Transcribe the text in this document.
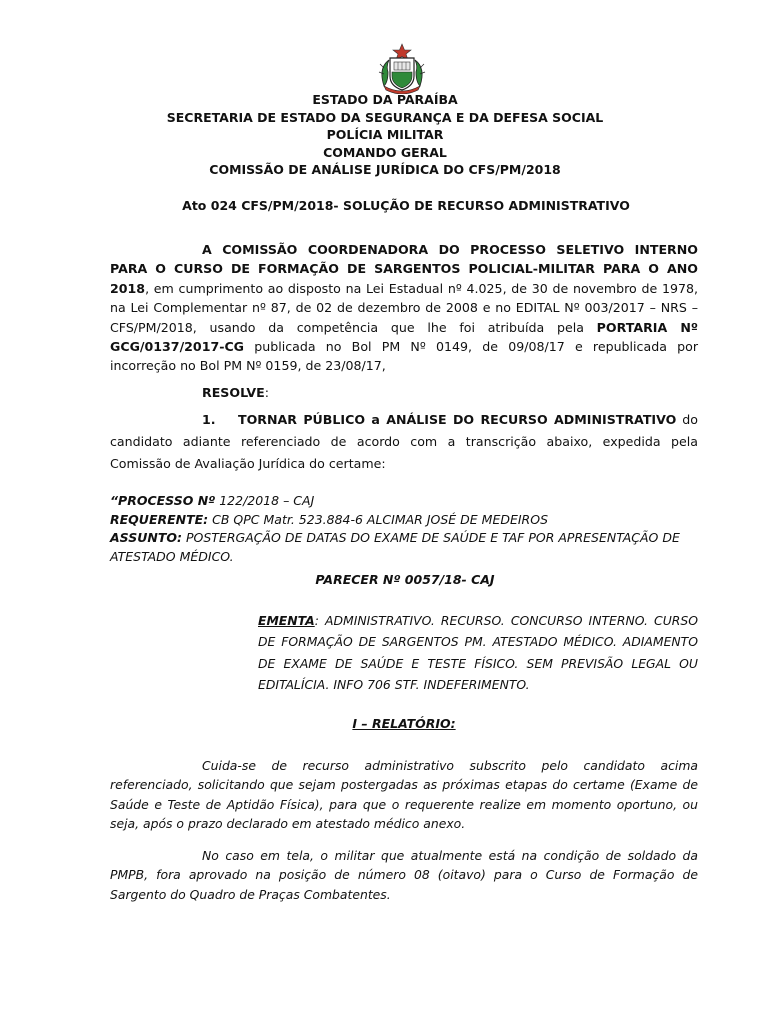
ESTADO DA PARAÍBA
SECRETARIA DE ESTADO DA SEGURANÇA E DA DEFESA SOCIAL
POLÍCIA MILITAR
COMANDO GERAL
COMISSÃO DE ANÁLISE JURÍDICA DO CFS/PM/2018
Ato 024 CFS/PM/2018- SOLUÇÃO DE RECURSO ADMINISTRATIVO
A COMISSÃO COORDENADORA DO PROCESSO SELETIVO INTERNO PARA O CURSO DE FORMAÇÃO DE SARGENTOS POLICIAL-MILITAR PARA O ANO 2018, em cumprimento ao disposto na Lei Estadual nº 4.025, de 30 de novembro de 1978, na Lei Complementar nº 87, de 02 de dezembro de 2008 e no EDITAL Nº 003/2017 – NRS – CFS/PM/2018, usando da competência que lhe foi atribuída pela PORTARIA Nº GCG/0137/2017-CG publicada no Bol PM Nº 0149, de 09/08/17 e republicada por incorreção no Bol PM Nº 0159, de 23/08/17,
RESOLVE:
1. TORNAR PÚBLICO a ANÁLISE DO RECURSO ADMINISTRATIVO do candidato adiante referenciado de acordo com a transcrição abaixo, expedida pela Comissão de Avaliação Jurídica do certame:
“PROCESSO Nº 122/2018 – CAJ
REQUERENTE: CB QPC Matr. 523.884-6 ALCIMAR JOSÉ DE MEDEIROS
ASSUNTO: POSTERGAÇÃO DE DATAS DO EXAME DE SAÚDE E TAF POR APRESENTAÇÃO DE ATESTADO MÉDICO.
PARECER Nº 0057/18- CAJ
EMENTA: ADMINISTRATIVO. RECURSO. CONCURSO INTERNO. CURSO DE FORMAÇÃO DE SARGENTOS PM. ATESTADO MÉDICO. ADIAMENTO DE EXAME DE SAÚDE E TESTE FÍSICO. SEM PREVISÃO LEGAL OU EDITALÍCIA. INFO 706 STF. INDEFERIMENTO.
I – RELATÓRIO:
Cuida-se de recurso administrativo subscrito pelo candidato acima referenciado, solicitando que sejam postergadas as próximas etapas do certame (Exame de Saúde e Teste de Aptidão Física), para que o requerente realize em momento oportuno, ou seja, após o prazo declarado em atestado médico anexo.
No caso em tela, o militar que atualmente está na condição de soldado da PMPB, fora aprovado na posição de número 08 (oitavo) para o Curso de Formação de Sargento do Quadro de Praças Combatentes.
